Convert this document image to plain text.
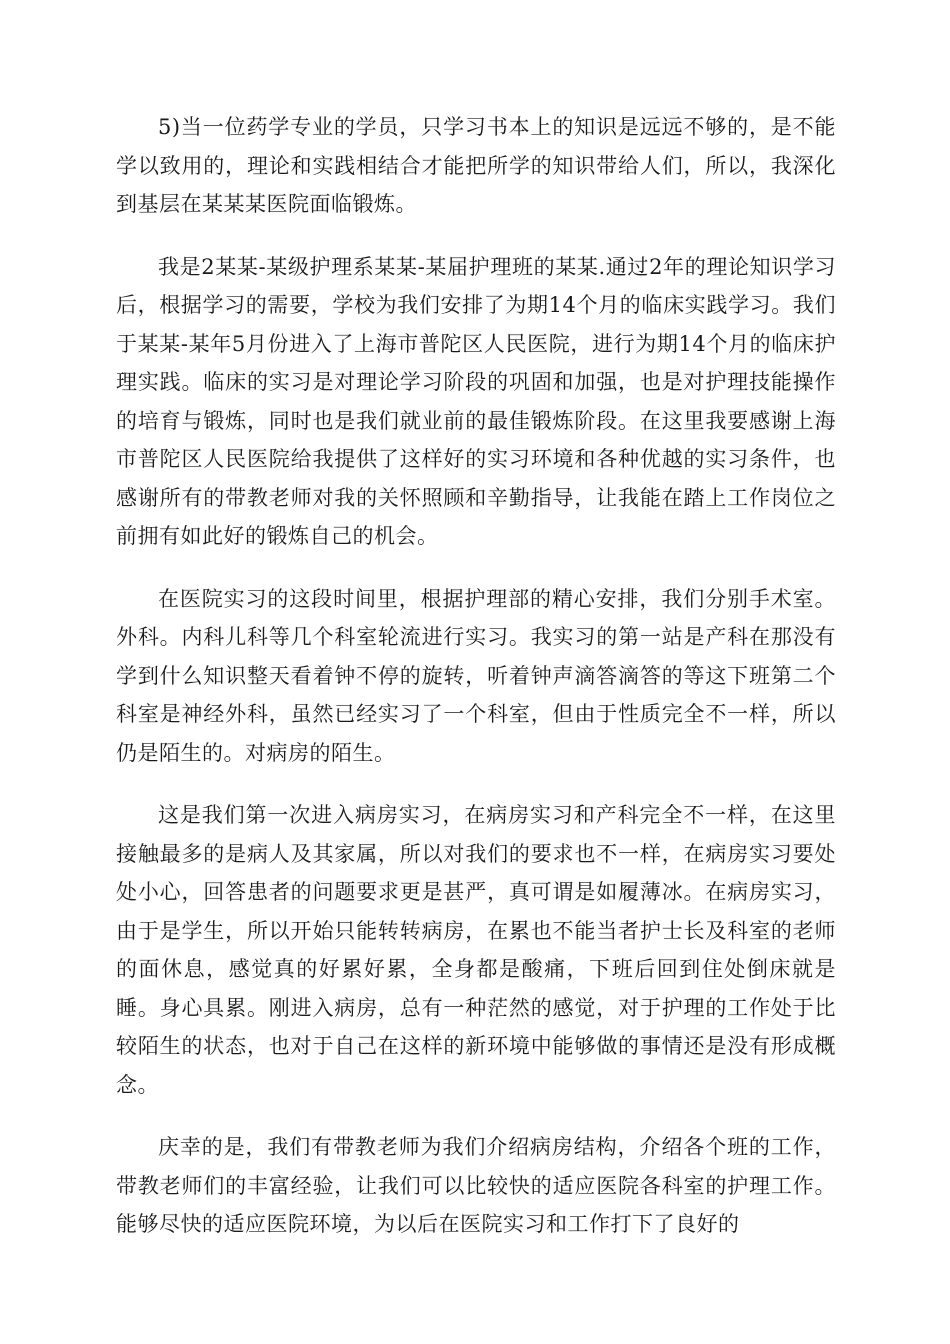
5)当一位药学专业的学员，只学习书本上的知识是远远不够的，是不能学以致用的，理论和实践相结合才能把所学的知识带给人们，所以，我深化到基层在某某某医院面临锻炼。

我是2某某-某级护理系某某-某届护理班的某某.通过2年的理论知识学习后，根据学习的需要，学校为我们安排了为期14个月的临床实践学习。我们于某某-某年5月份进入了上海市普陀区人民医院，进行为期14个月的临床护理实践。临床的实习是对理论学习阶段的巩固和加强，也是对护理技能操作的培育与锻炼，同时也是我们就业前的最佳锻炼阶段。在这里我要感谢上海市普陀区人民医院给我提供了这样好的实习环境和各种优越的实习条件，也感谢所有的带教老师对我的关怀照顾和辛勤指导，让我能在踏上工作岗位之前拥有如此好的锻炼自己的机会。

在医院实习的这段时间里，根据护理部的精心安排，我们分别手术室。外科。内科儿科等几个科室轮流进行实习。我实习的第一站是产科在那没有学到什么知识整天看着钟不停的旋转，听着钟声滴答滴答的等这下班第二个科室是神经外科，虽然已经实习了一个科室，但由于性质完全不一样，所以仍是陌生的。对病房的陌生。

这是我们第一次进入病房实习，在病房实习和产科完全不一样，在这里接触最多的是病人及其家属，所以对我们的要求也不一样，在病房实习要处处小心，回答患者的问题要求更是甚严，真可谓是如履薄冰。在病房实习，由于是学生，所以开始只能转转病房，在累也不能当者护士长及科室的老师的面休息，感觉真的好累好累，全身都是酸痛，下班后回到住处倒床就是睡。身心具累。刚进入病房，总有一种茫然的感觉，对于护理的工作处于比较陌生的状态，也对于自己在这样的新环境中能够做的事情还是没有形成概念。

庆幸的是，我们有带教老师为我们介绍病房结构，介绍各个班的工作，带教老师们的丰富经验，让我们可以比较快的适应医院各科室的护理工作。能够尽快的适应医院环境，为以后在医院实习和工作打下了良好的
